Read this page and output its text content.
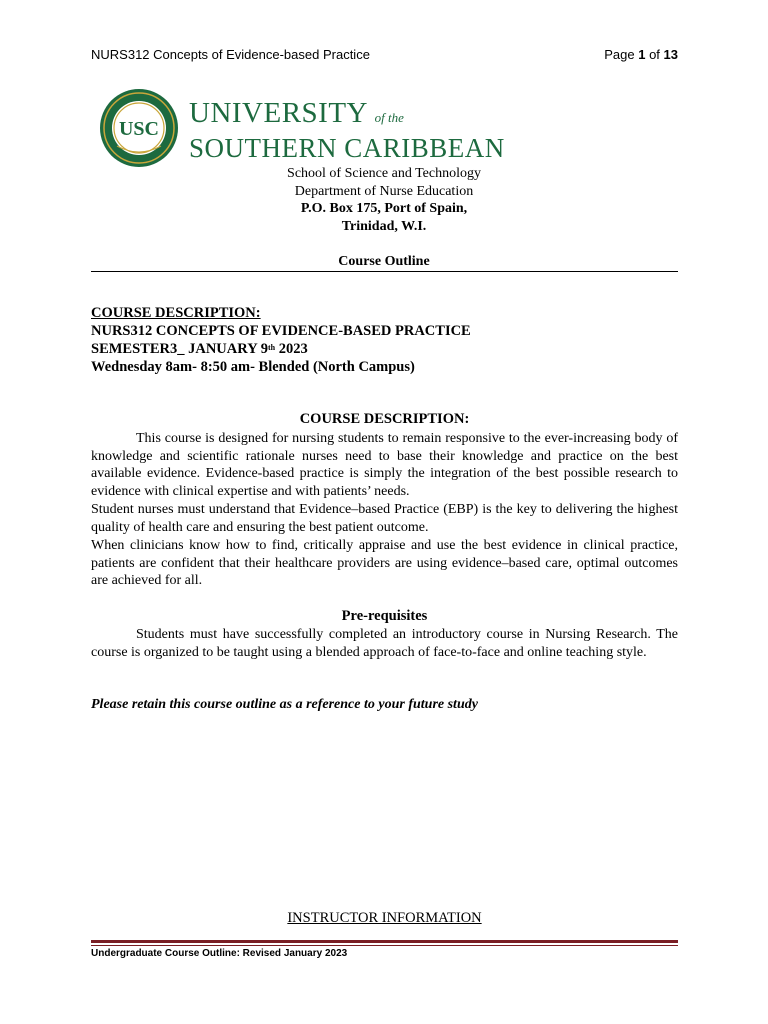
NURS312 Concepts of Evidence-based Practice	Page 1 of 13
USC UNIVERSITY of the
SOUTHERN CARIBBEAN
School of Science and Technology
Department of Nurse Education
P.O. Box 175, Port of Spain,
Trinidad, W.I.
Course Outline
COURSE DESCRIPTION:
NURS312 CONCEPTS OF EVIDENCE-BASED PRACTICE
SEMESTER3_ JANUARY 9th 2023
Wednesday 8am- 8:50 am- Blended (North Campus)
COURSE DESCRIPTION:
This course is designed for nursing students to remain responsive to the ever-increasing body of knowledge and scientific rationale nurses need to base their knowledge and practice on the best available evidence. Evidence-based practice is simply the integration of the best possible research to evidence with clinical expertise and with patients’ needs.
Student nurses must understand that Evidence–based Practice (EBP) is the key to delivering the highest quality of health care and ensuring the best patient outcome.
When clinicians know how to find, critically appraise and use the best evidence in clinical practice, patients are confident that their healthcare providers are using evidence–based care, optimal outcomes are achieved for all.
Pre-requisites
Students must have successfully completed an introductory course in Nursing Research. The course is organized to be taught using a blended approach of face-to-face and online teaching style.
Please retain this course outline as a reference to your future study
INSTRUCTOR INFORMATION
Undergraduate Course Outline: Revised January 2023
